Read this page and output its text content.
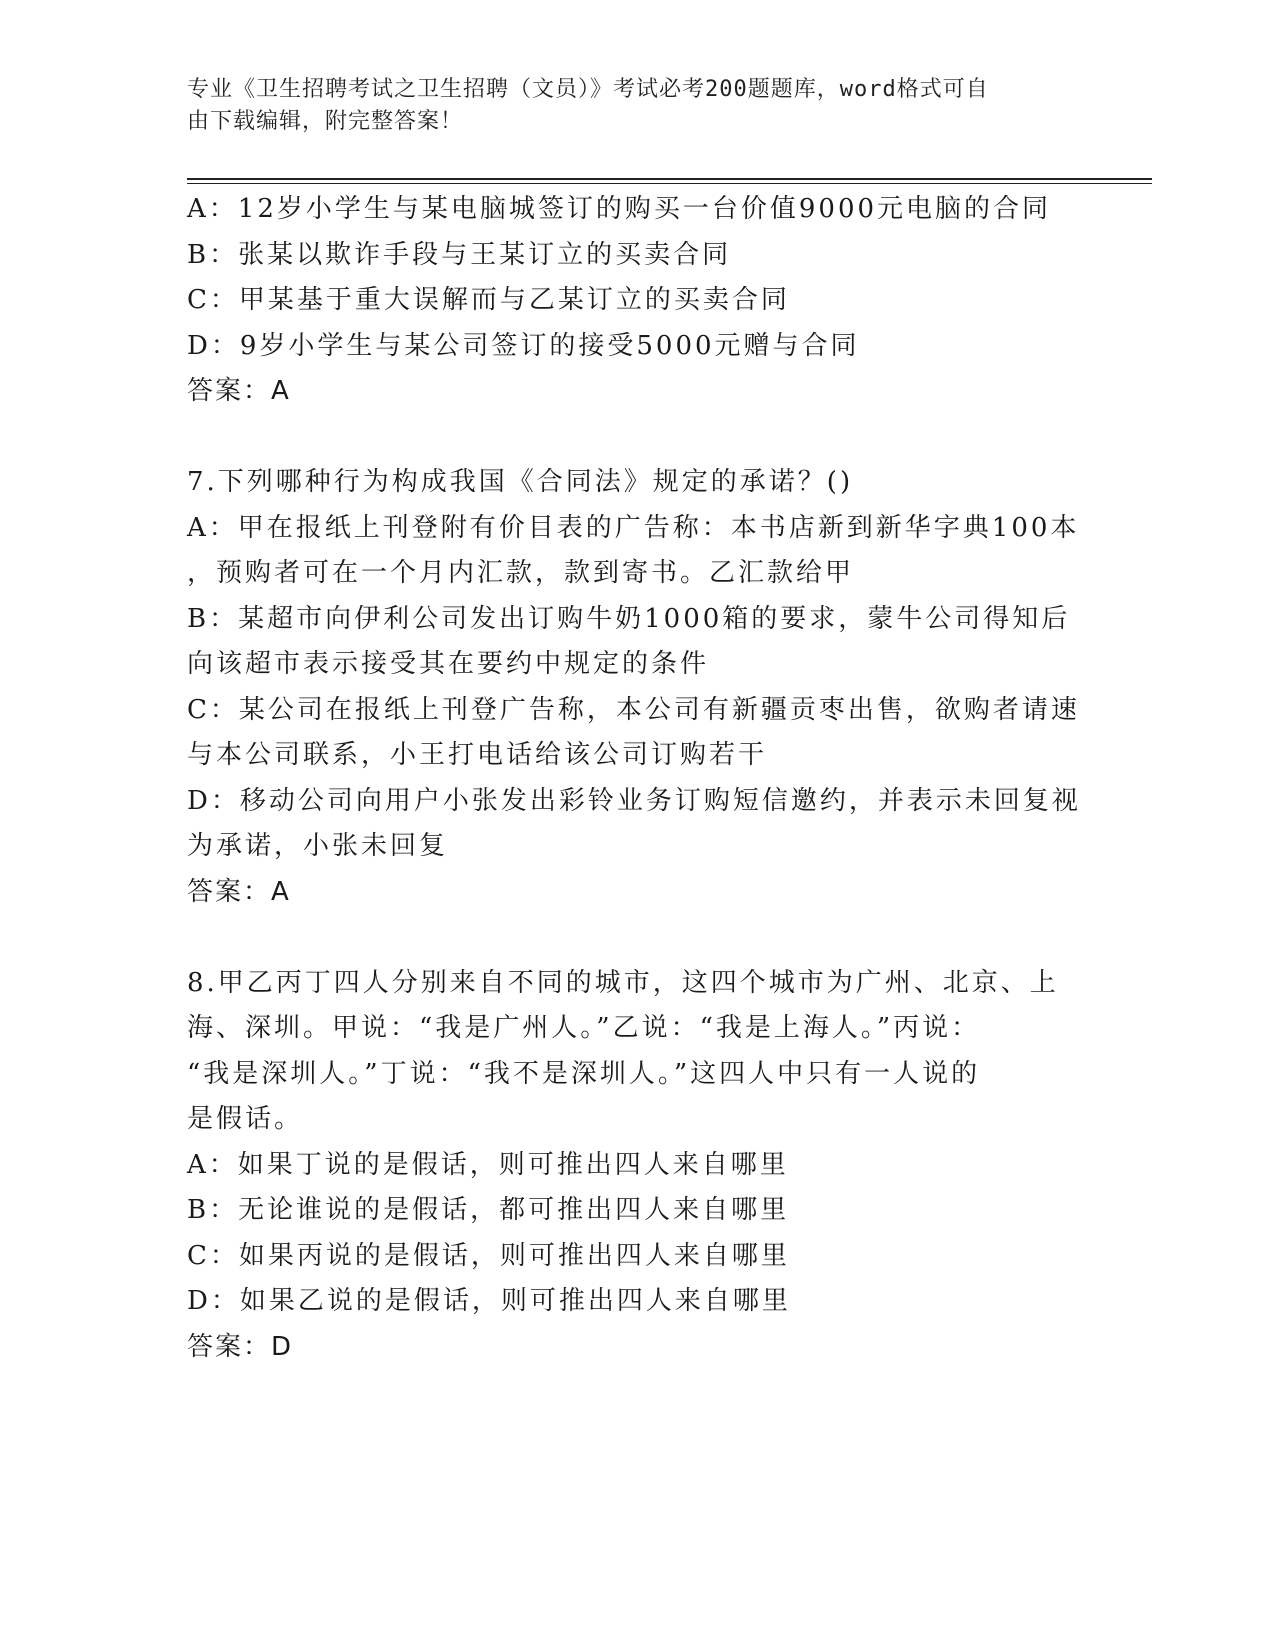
专业《卫生招聘考试之卫生招聘（文员）》考试必考200题题库，word格式可自
由下载编辑，附完整答案！
A：12岁小学生与某电脑城签订的购买一台价值9000元电脑的合同
B：张某以欺诈手段与王某订立的买卖合同
C：甲某基于重大误解而与乙某订立的买卖合同
D：9岁小学生与某公司签订的接受5000元赠与合同
答案：A
7.下列哪种行为构成我国《合同法》规定的承诺？()
A：甲在报纸上刊登附有价目表的广告称：本书店新到新华字典100本
，预购者可在一个月内汇款，款到寄书。乙汇款给甲
B：某超市向伊利公司发出订购牛奶1000箱的要求，蒙牛公司得知后
向该超市表示接受其在要约中规定的条件
C：某公司在报纸上刊登广告称，本公司有新疆贡枣出售，欲购者请速
与本公司联系，小王打电话给该公司订购若干
D：移动公司向用户小张发出彩铃业务订购短信邀约，并表示未回复视
为承诺，小张未回复
答案：A
8.甲乙丙丁四人分别来自不同的城市，这四个城市为广州、北京、上
海、深圳。甲说：“我是广州人。”乙说：“我是上海人。”丙说：
“我是深圳人。”丁说：“我不是深圳人。”这四人中只有一人说的
是假话。
A：如果丁说的是假话，则可推出四人来自哪里
B：无论谁说的是假话，都可推出四人来自哪里
C：如果丙说的是假话，则可推出四人来自哪里
D：如果乙说的是假话，则可推出四人来自哪里
答案：D
